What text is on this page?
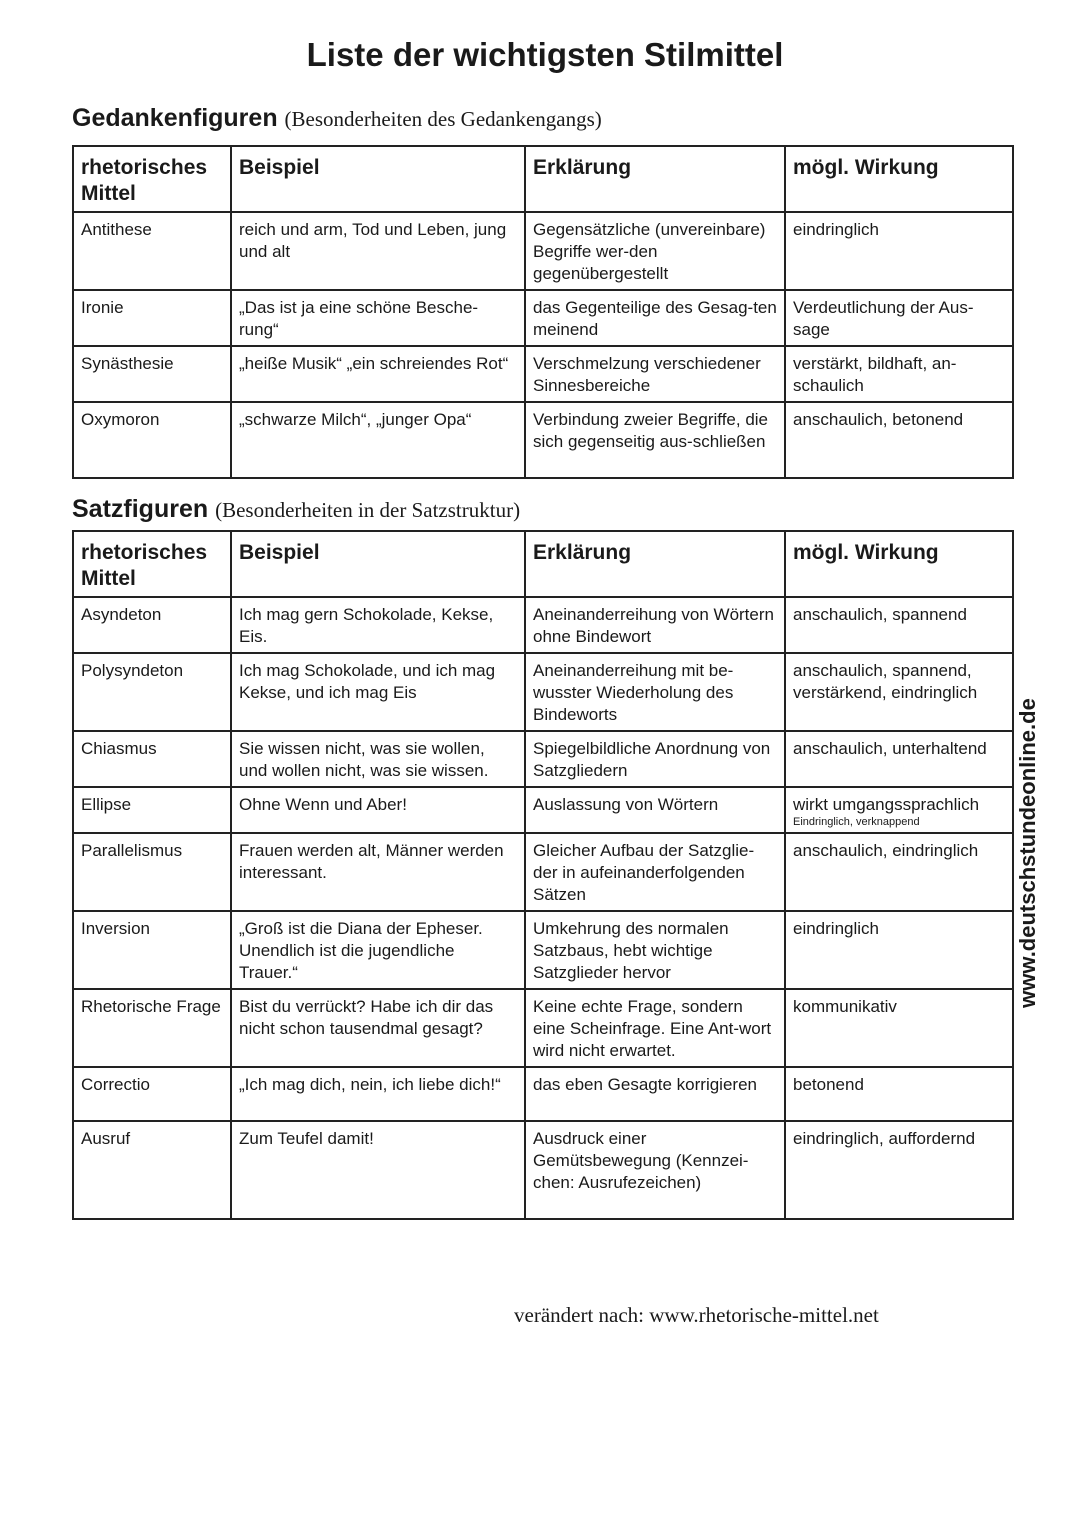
Liste der wichtigsten Stilmittel

Gedankenfiguren (Besonderheiten des Gedankengangs)

rhetorisches Mittel	Beispiel	Erklärung	mögl. Wirkung
Antithese	reich und arm, Tod und Leben, jung und alt	Gegensätzliche (unvereinbare) Begriffe wer-den gegenübergestellt	eindringlich
Ironie	„Das ist ja eine schöne Besche-rung“	das Gegenteilige des Gesag-ten meinend	Verdeutlichung der Aus-sage
Synästhesie	„heiße Musik“ „ein schreiendes Rot“	Verschmelzung verschiedener Sinnesbereiche	verstärkt, bildhaft, an-schaulich
Oxymoron	„schwarze Milch“, „junger Opa“	Verbindung zweier Begriffe, die sich gegenseitig aus-schließen	anschaulich, betonend

Satzfiguren (Besonderheiten in der Satzstruktur)

rhetorisches Mittel	Beispiel	Erklärung	mögl. Wirkung
Asyndeton	Ich mag gern Schokolade, Kekse, Eis.	Aneinanderreihung von Wörtern ohne Bindewort	anschaulich, spannend
Polysyndeton	Ich mag Schokolade, und ich mag Kekse, und ich mag Eis	Aneinanderreihung mit be-wusster Wiederholung des Bindeworts	anschaulich, spannend, verstärkend, eindringlich
Chiasmus	Sie wissen nicht, was sie wollen, und wollen nicht, was sie wissen.	Spiegelbildliche Anordnung von Satzgliedern	anschaulich, unterhaltend
Ellipse	Ohne Wenn und Aber!	Auslassung von Wörtern	wirkt umgangssprachlich
Eindringlich, verknappend

Parallelismus	Frauen werden alt, Männer werden interessant.	Gleicher Aufbau der Satzglie-der in aufeinanderfolgenden Sätzen	anschaulich, eindringlich
Inversion	„Groß ist die Diana der Epheser. Unendlich ist die jugendliche Trauer.“	Umkehrung des normalen Satzbaus, hebt wichtige Satzglieder hervor	eindringlich
Rhetorische Frage	Bist du verrückt? Habe ich dir das nicht schon tausendmal gesagt?	Keine echte Frage, sondern eine Scheinfrage. Eine Ant-wort wird nicht erwartet.	kommunikativ
Correctio	„Ich mag dich, nein, ich liebe dich!“	das eben Gesagte korrigieren	betonend
Ausruf	Zum Teufel damit!	Ausdruck einer Gemütsbewegung (Kennzei-chen: Ausrufezeichen)	eindringlich, auffordernd
www.deutschstundeonline.de
verändert nach: www.rhetorische-mittel.net
